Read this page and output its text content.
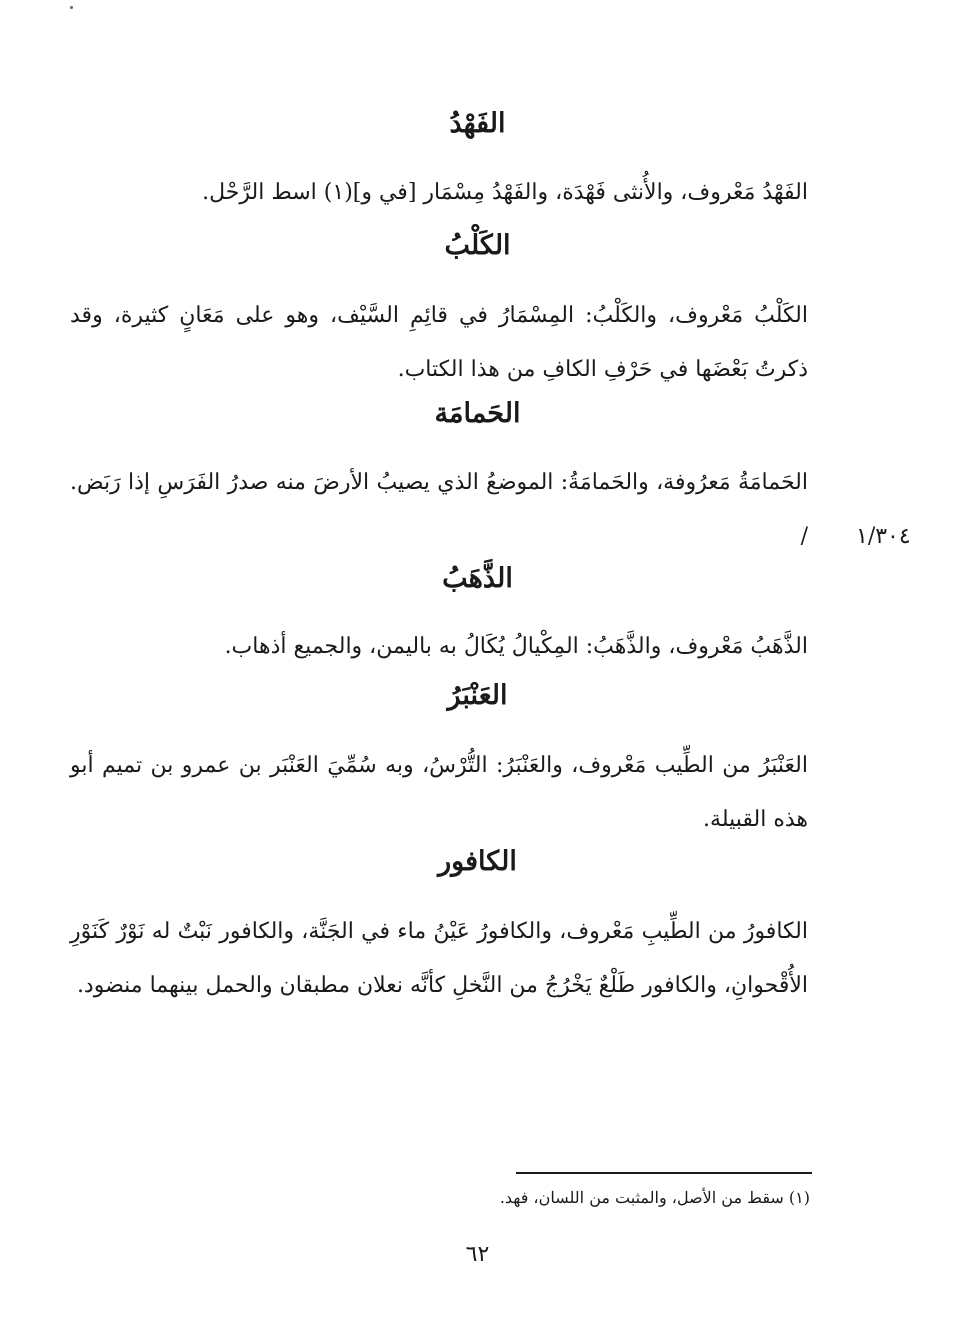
الفَهْدُ
الفَهْدُ مَعْروف، والأُنثى فَهْدَة، والفَهْدُ مِسْمَار [في و](١) اسط الرَّحْل.
الكَلْبُ
الكَلْبُ مَعْروف، والكَلْبُ: المِسْمَارُ في قائِمِ السَّيْف، وهو على مَعَانٍ كثيرة، وقد ذكرتُ بَعْضَها في حَرْفِ الكافِ من هذا الكتاب.
الحَمامَة
الحَمامَةُ مَعرُوفة، والحَمامَةُ: الموضعُ الذي يصيبُ الأرضَ منه صدرُ الفَرَسِ إذا رَبَض. / ١/٣٠٤
الذَّهَبُ
الذَّهَبُ مَعْروف، والذَّهَبُ: المِكْيالُ يُكَالُ به باليمن، والجميع أذهاب.
العَنْبَرُ
العَنْبَرُ من الطِّيب مَعْروف، والعَنْبَرُ: التُّرْسُ، وبه سُمِّيَ العَنْبَر بن عمرو بن تميم أبو هذه القبيلة.
الكافور
الكافورُ من الطِّيبِ مَعْروف، والكافورُ عَيْنُ ماء في الجَنَّة، والكافور نَبْتٌ له نَوْرٌ كَنَوْرِ الأُقْحوانِ، والكافور طَلْعٌ يَخْرُجُ من النَّخلِ كأنَّه نعلان مطبقان والحمل بينهما منضود.
(١) سقط من الأصل، والمثبت من اللسان، فهد.
٦٢
